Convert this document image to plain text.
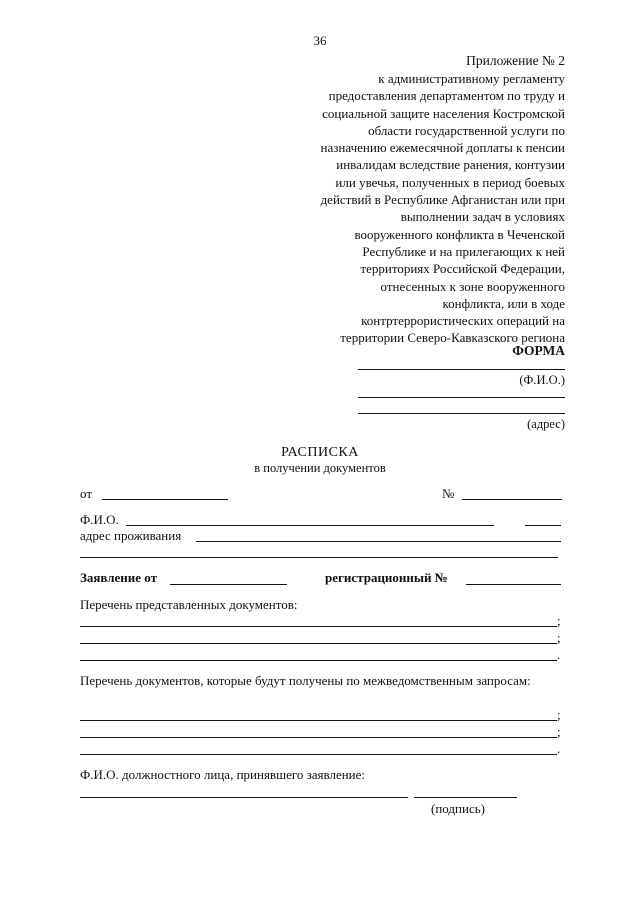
36
Приложение № 2
к административному регламенту
предоставления департаментом по труду и
социальной защите населения Костромской
области государственной услуги по
назначению ежемесячной доплаты к пенсии
инвалидам вследствие ранения, контузии
или увечья, полученных в период боевых
действий в Республике Афганистан или при
выполнении задач в условиях
вооруженного конфликта в Чеченской
Республике и на прилегающих к ней
территориях Российской Федерации,
отнесенных к зоне вооруженного
конфликта, или в ходе
контртеррористических операций на
территории Северо-Кавказского региона
ФОРМА
(Ф.И.О.)
(адрес)
РАСПИСКА
в получении документов
от	№
Ф.И.О.
адрес проживания
Заявление от	регистрационный №
Перечень представленных документов:
;
;
.
Перечень документов, которые будут получены по межведомственным запросам:
;
;
.
Ф.И.О. должностного лица, принявшего заявление:
(подпись)
